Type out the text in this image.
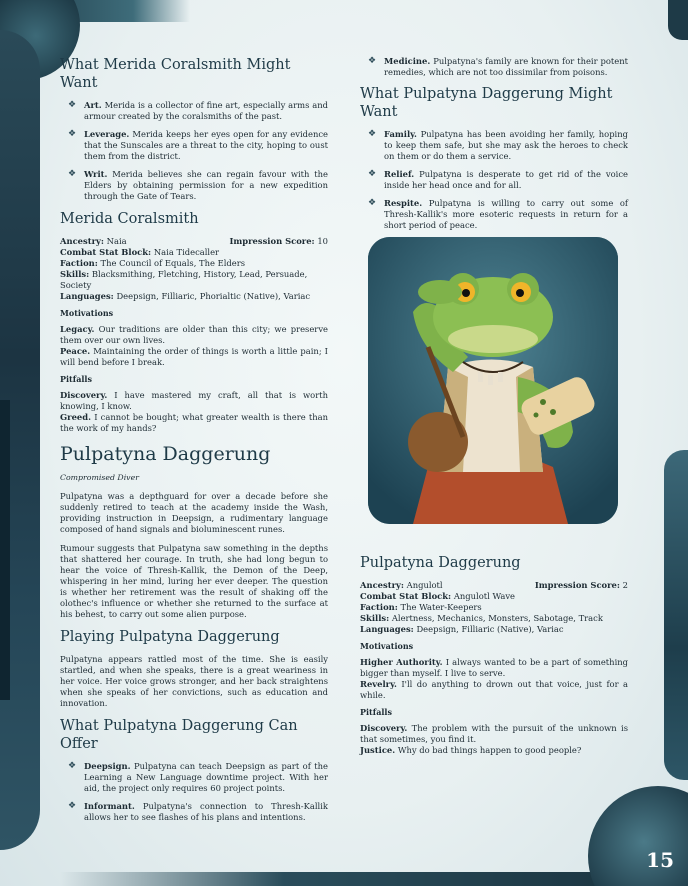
What Merida Coralsmith Might Want
❖ Art. Merida is a collector of fine art, especially arms and armour created by the coralsmiths of the past.
❖ Leverage. Merida keeps her eyes open for any evidence that the Sunscales are a threat to the city, hoping to oust them from the district.
❖ Writ. Merida believes she can regain favour with the Elders by obtaining permission for a new expedition through the Gate of Tears.
Merida Coralsmith
Ancestry: Naia	Impression Score: 10

Combat Stat Block: Naia Tidecaller

Faction: The Council of Equals, The Elders

Skills: Blacksmithing, Fletching, History, Lead, Persuade, Society

Languages: Deepsign, Filliaric, Phorialtic (Native), Variac

Motivations

Legacy. Our traditions are older than this city; we preserve them over our own lives.

Peace. Maintaining the order of things is worth a little pain; I will bend before I break.

Pitfalls

Discovery. I have mastered my craft, all that is worth knowing, I know.

Greed. I cannot be bought; what greater wealth is there than the work of my hands?

Pulpatyna Daggerung

Compromised Diver

Pulpatyna was a depthguard for over a decade before she suddenly retired to teach at the academy inside the Wash, providing instruction in Deepsign, a rudimentary language composed of hand signals and bioluminescent runes.

Rumour suggests that Pulpatyna saw something in the depths that shattered her courage. In truth, she had long begun to hear the voice of Thresh-Kallik, the Demon of the Deep, whispering in her mind, luring her ever deeper. The question is whether her retirement was the result of shaking off the olothec's influence or whether she returned to the surface at his behest, to carry out some alien purpose.

Playing Pulpatyna Daggerung

Pulpatyna appears rattled most of the time. She is easily startled, and when she speaks, there is a great weariness in her voice. Her voice grows stronger, and her back straightens when she speaks of her convictions, such as education and innovation.

What Pulpatyna Daggerung Can Offer
❖ Deepsign. Pulpatyna can teach Deepsign as part of the Learning a New Language downtime project. With her aid, the project only requires 60 project points.
❖ Informant. Pulpatyna's connection to Thresh-Kallik allows her to see flashes of his plans and intentions.
❖ Medicine. Pulpatyna's family are known for their potent remedies, which are not too dissimilar from poisons.
What Pulpatyna Daggerung Might Want
❖ Family. Pulpatyna has been avoiding her family, hoping to keep them safe, but she may ask the heroes to check on them or do them a service.
❖ Relief. Pulpatyna is desperate to get rid of the voice inside her head once and for all.
❖ Respite. Pulpatyna is willing to carry out some of Thresh-Kallik's more esoteric requests in return for a short period of peace.
Pulpatyna Daggerung
Ancestry: Angulotl	Impression Score: 2

Combat Stat Block: Angulotl Wave

Faction: The Water-Keepers

Skills: Alertness, Mechanics, Monsters, Sabotage, Track

Languages: Deepsign, Filliaric (Native), Variac

Motivations

Higher Authority. I always wanted to be a part of something bigger than myself. I live to serve.

Revelry. I'll do anything to drown out that voice, just for a while.

Pitfalls

Discovery. The problem with the pursuit of the unknown is that sometimes, you find it.

Justice. Why do bad things happen to good people?

15
